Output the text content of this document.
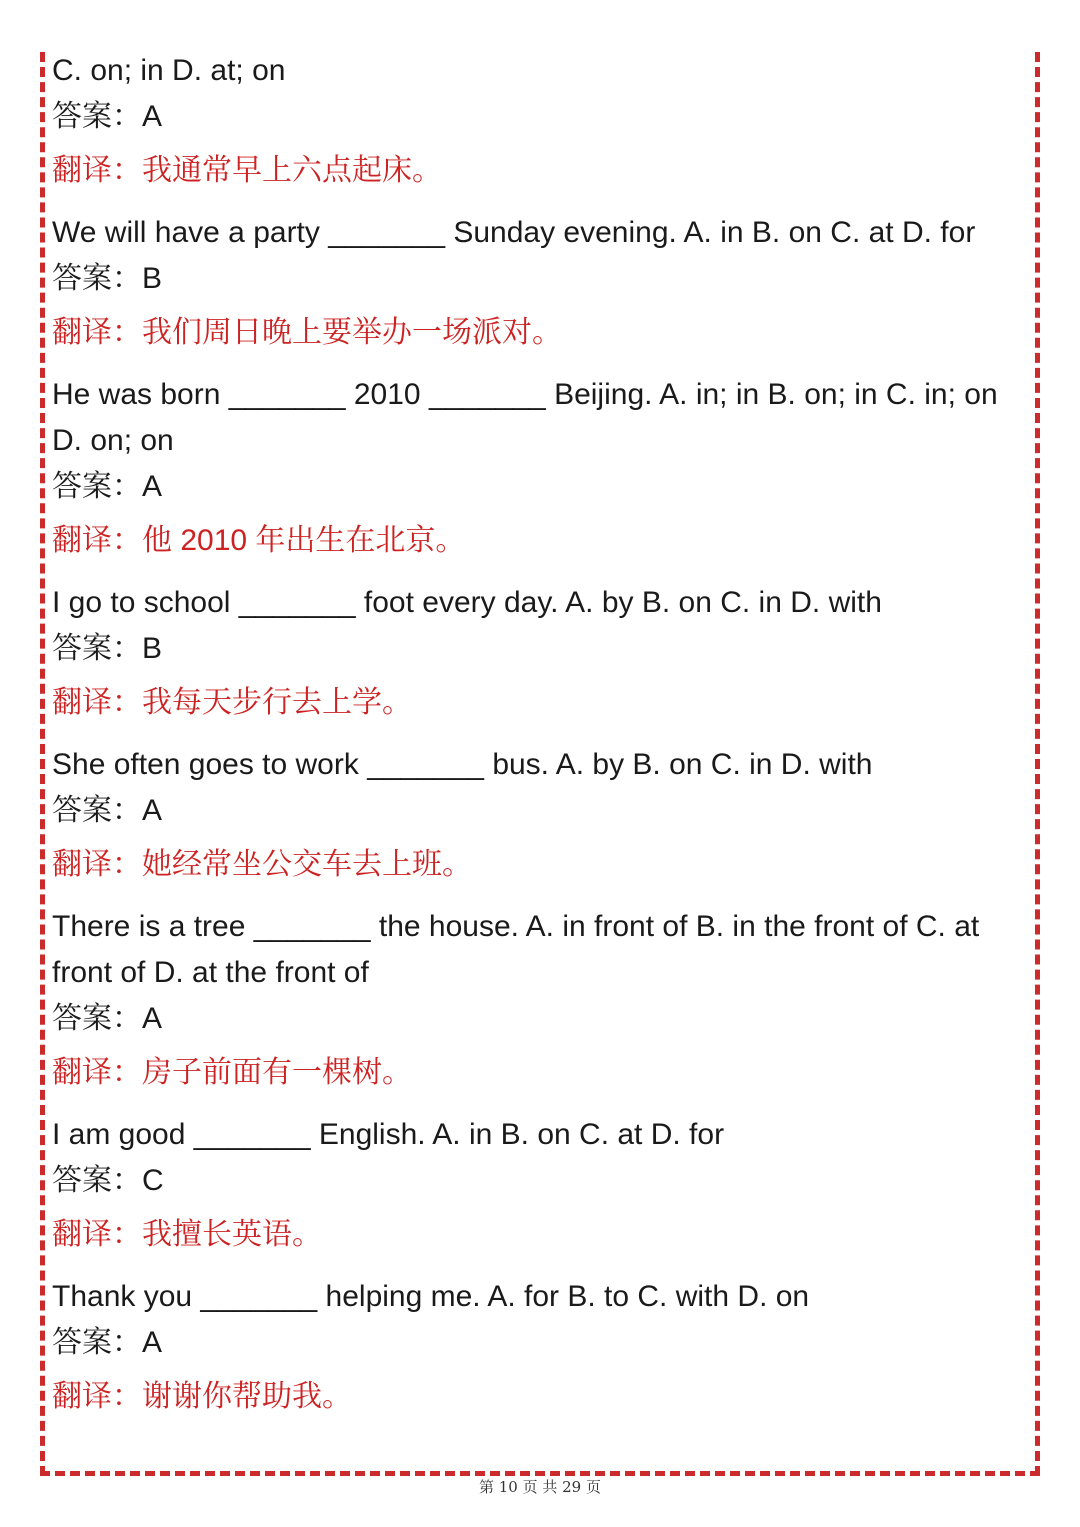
C. on; in D. at; on
答案：A
翻译：我通常早上六点起床。
We will have a party _______ Sunday evening. A. in B. on C. at D. for
答案：B
翻译：我们周日晚上要举办一场派对。
He was born _______ 2010 _______ Beijing. A. in; in B. on; in C. in; on D. on; on
答案：A
翻译：他 2010 年出生在北京。
I go to school _______ foot every day. A. by B. on C. in D. with
答案：B
翻译：我每天步行去上学。
She often goes to work _______ bus. A. by B. on C. in D. with
答案：A
翻译：她经常坐公交车去上班。
There is a tree _______ the house. A. in front of B. in the front of C. at front of D. at the front of
答案：A
翻译：房子前面有一棵树。
I am good _______ English. A. in B. on C. at D. for
答案：C
翻译：我擅长英语。
Thank you _______ helping me. A. for B. to C. with D. on
答案：A
翻译：谢谢你帮助我。
第 10 页 共 29 页
